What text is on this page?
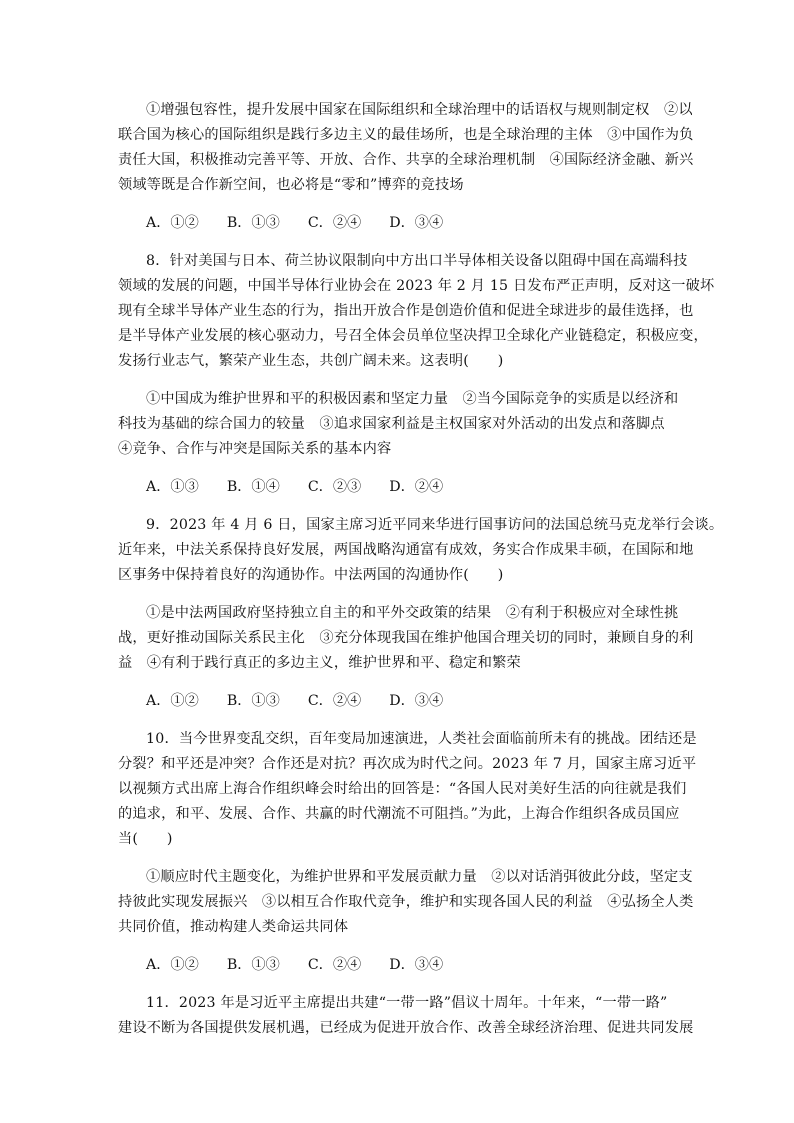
①增强包容性，提升发展中国家在国际组织和全球治理中的话语权与规则制定权　②以
联合国为核心的国际组织是践行多边主义的最佳场所，也是全球治理的主体　③中国作为负
责任大国，积极推动完善平等、开放、合作、共享的全球治理机制　④国际经济金融、新兴
领域等既是合作新空间，也必将是“零和”博弈的竞技场

A．①② B．①③ C．②④ D．③④

8．针对美国与日本、荷兰协议限制向中方出口半导体相关设备以阻碍中国在高端科技
领域的发展的问题，中国半导体行业协会在 2023 年 2 月 15 日发布严正声明，反对这一破坏
现有全球半导体产业生态的行为，指出开放合作是创造价值和促进全球进步的最佳选择，也
是半导体产业发展的核心驱动力，号召全体会员单位坚决捍卫全球化产业链稳定，积极应变，
发扬行业志气，繁荣产业生态，共创广阔未来。这表明(　　)

①中国成为维护世界和平的积极因素和坚定力量　②当今国际竞争的实质是以经济和
科技为基础的综合国力的较量　③追求国家利益是主权国家对外活动的出发点和落脚点
④竞争、合作与冲突是国际关系的基本内容

A．①③ B．①④ C．②③ D．②④

9．2023 年 4 月 6 日，国家主席习近平同来华进行国事访问的法国总统马克龙举行会谈。
近年来，中法关系保持良好发展，两国战略沟通富有成效，务实合作成果丰硕，在国际和地
区事务中保持着良好的沟通协作。中法两国的沟通协作(　　)

①是中法两国政府坚持独立自主的和平外交政策的结果　②有利于积极应对全球性挑
战，更好推动国际关系民主化　③充分体现我国在维护他国合理关切的同时，兼顾自身的利
益　④有利于践行真正的多边主义，维护世界和平、稳定和繁荣

A．①② B．①③ C．②④ D．③④

10．当今世界变乱交织，百年变局加速演进，人类社会面临前所未有的挑战。团结还是
分裂？和平还是冲突？合作还是对抗？再次成为时代之问。2023 年 7 月，国家主席习近平
以视频方式出席上海合作组织峰会时给出的回答是：“各国人民对美好生活的向往就是我们
的追求，和平、发展、合作、共赢的时代潮流不可阻挡。”为此，上海合作组织各成员国应
当(　　)

①顺应时代主题变化，为维护世界和平发展贡献力量　②以对话消弭彼此分歧，坚定支
持彼此实现发展振兴　③以相互合作取代竞争，维护和实现各国人民的利益　④弘扬全人类
共同价值，推动构建人类命运共同体

A．①② B．①③ C．②④ D．③④

11．2023 年是习近平主席提出共建“一带一路”倡议十周年。十年来，“一带一路”
建设不断为各国提供发展机遇，已经成为促进开放合作、改善全球经济治理、促进共同发展
